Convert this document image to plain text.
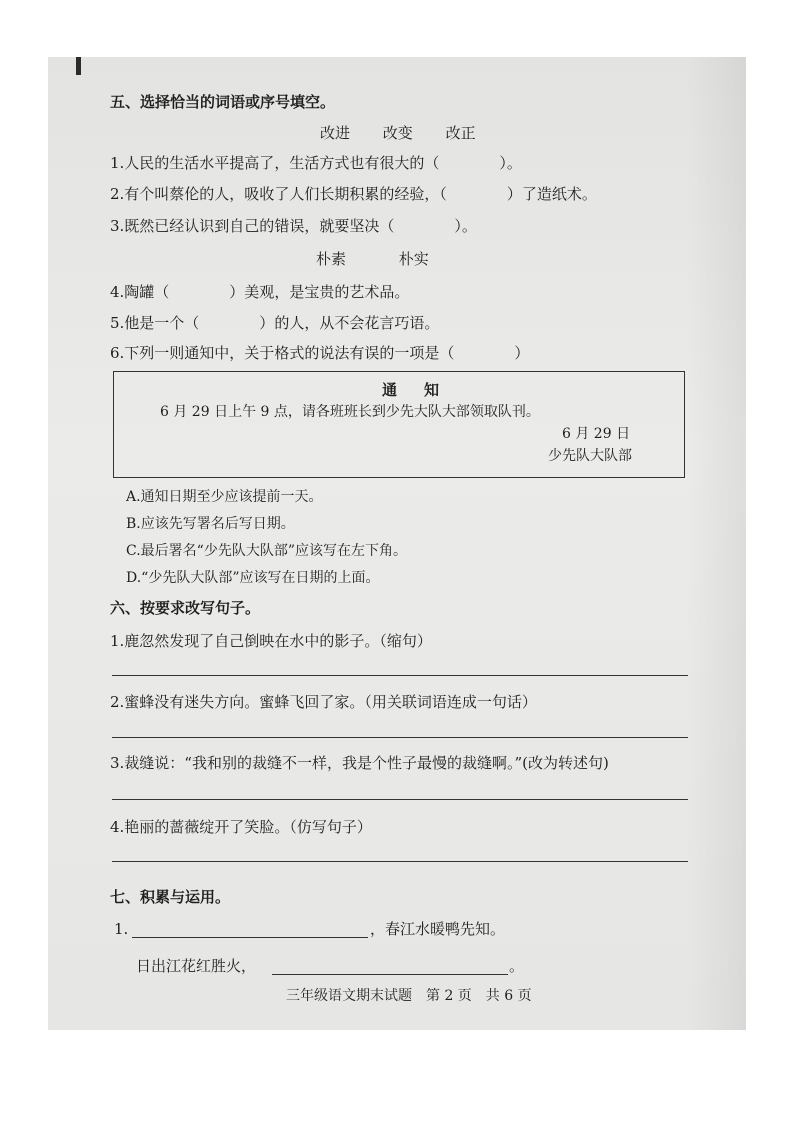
五、选择恰当的词语或序号填空。
改进 改变 改正
1.人民的生活水平提高了，生活方式也有很大的（　　　　）。
2.有个叫蔡伦的人，吸收了人们长期积累的经验，（　　　　）了造纸术。
3.既然已经认识到自己的错误，就要坚决（　　　　）。
朴素	朴实
4.陶罐（　　　　）美观，是宝贵的艺术品。
5.他是一个（　　　　）的人，从不会花言巧语。
6.下列一则通知中，关于格式的说法有误的一项是（　　　　）
通　知
6 月 29 日上午 9 点，请各班班长到少先大队大部领取队刊。
6 月 29 日
少先队大队部
A.通知日期至少应该提前一天。
B.应该先写署名后写日期。
C.最后署名“少先队大队部”应该写在左下角。
D.“少先队大队部”应该写在日期的上面。
六、按要求改写句子。
1.鹿忽然发现了自己倒映在水中的影子。（缩句）
2.蜜蜂没有迷失方向。蜜蜂飞回了家。（用关联词语连成一句话）
3.裁缝说：“我和别的裁缝不一样，我是个性子最慢的裁缝啊。”(改为转述句)
4.艳丽的蔷薇绽开了笑脸。（仿写句子）
七、积累与运用。
1.	，春江水暖鸭先知。
日出江花红胜火，	。
三年级语文期末试题　第 2 页　共 6 页
